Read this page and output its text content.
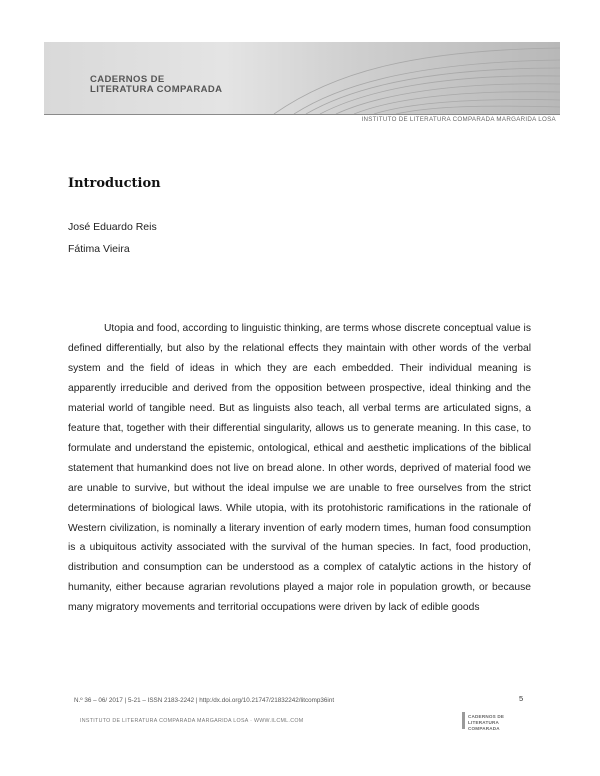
CADERNOS DE
LITERATURA COMPARADA
INSTITUTO DE LITERATURA COMPARADA MARGARIDA LOSA
Introduction
José Eduardo Reis
Fátima Vieira

Utopia and food, according to linguistic thinking, are terms whose discrete conceptual value is defined differentially, but also by the relational effects they maintain with other words of the verbal system and the field of ideas in which they are each embedded. Their individual meaning is apparently irreducible and derived from the opposition between prospective, ideal thinking and the material world of tangible need. But as linguists also teach, all verbal terms are articulated signs, a feature that, together with their differential singularity, allows us to generate meaning. In this case, to formulate and understand the epistemic, ontological, ethical and aesthetic implications of the biblical statement that humankind does not live on bread alone. In other words, deprived of material food we are unable to survive, but without the ideal impulse we are unable to free ourselves from the strict determinations of biological laws. While utopia, with its protohistoric ramifications in the rationale of Western civilization, is nominally a literary invention of early modern times, human food consumption is a ubiquitous activity associated with the survival of the human species. In fact, food production, distribution and consumption can be understood as a complex of catalytic actions in the history of humanity, either because agrarian revolutions played a major role in population growth, or because many migratory movements and territorial occupations were driven by lack of edible goods

N.º 36 – 06/ 2017 | 5-21 – ISSN 2183-2242 | http:/dx.doi.org/10.21747/21832242/litcomp36int	5
INSTITUTO DE LITERATURA COMPARADA MARGARIDA LOSA · WWW.ILCML.COM
CADERNOS DE
LITERATURA COMPARADA
